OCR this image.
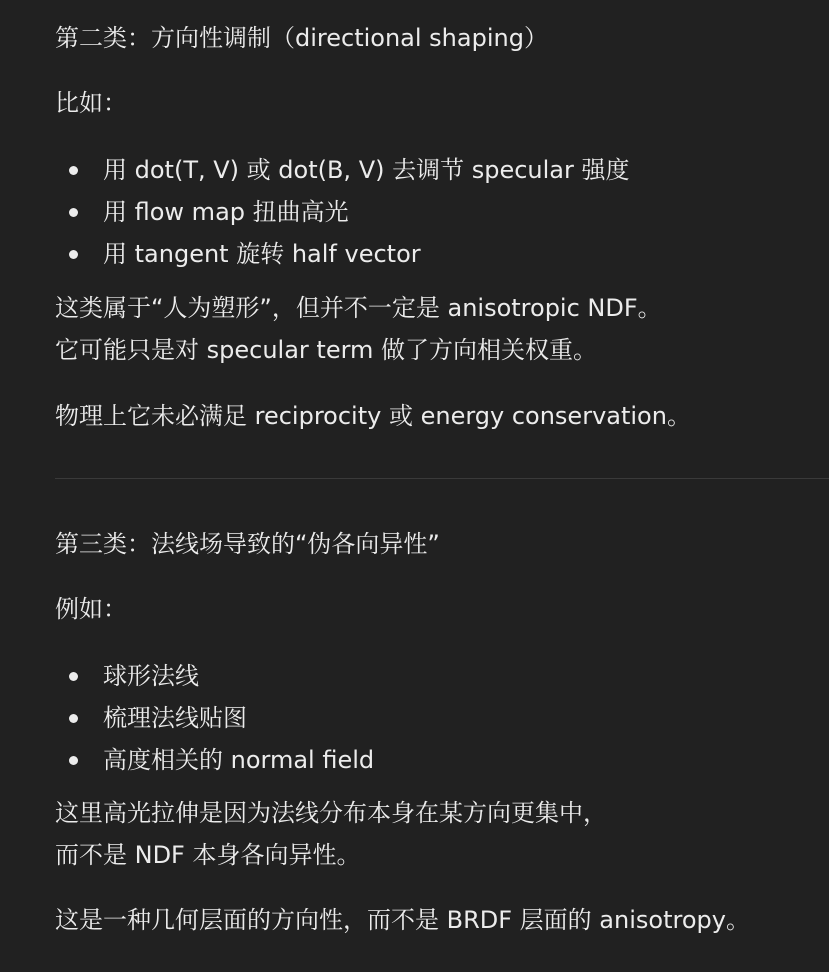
第二类：方向性调制（directional shaping）
比如：
用 dot(T, V) 或 dot(B, V) 去调节 specular 强度
用 flow map 扭曲高光
用 tangent 旋转 half vector
这类属于“人为塑形”，但并不一定是 anisotropic NDF。
它可能只是对 specular term 做了方向相关权重。
物理上它未必满足 reciprocity 或 energy conservation。
第三类：法线场导致的“伪各向异性”
例如：
球形法线
梳理法线贴图
高度相关的 normal field
这里高光拉伸是因为法线分布本身在某方向更集中，
而不是 NDF 本身各向异性。
这是一种几何层面的方向性，而不是 BRDF 层面的 anisotropy。
